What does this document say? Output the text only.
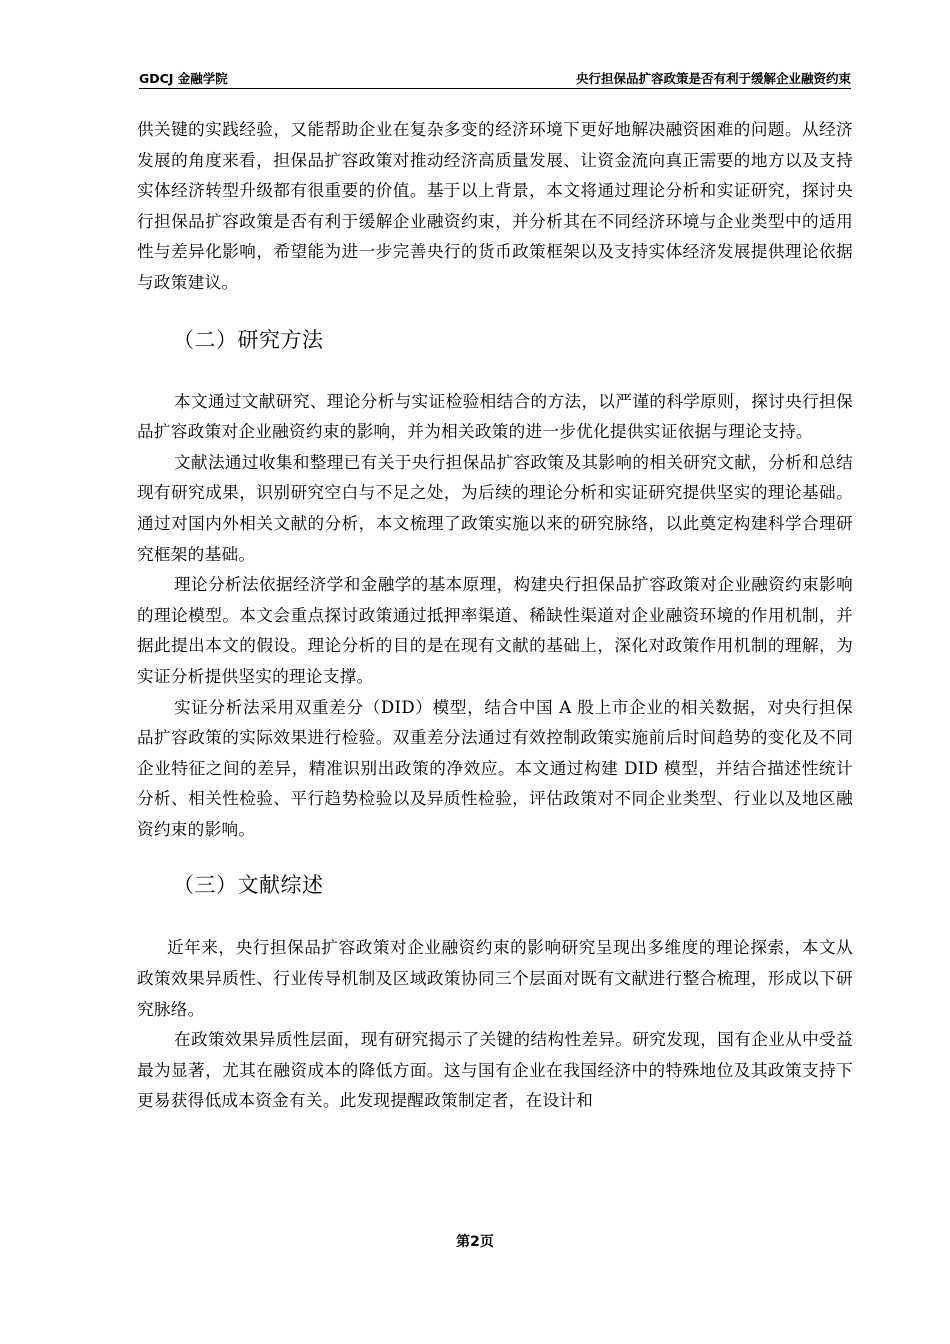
GDCJ 金融学院	央行担保品扩容政策是否有利于缓解企业融资约束

供关键的实践经验，又能帮助企业在复杂多变的经济环境下更好地解决融资困难的问题。从经济发展的角度来看，担保品扩容政策对推动经济高质量发展、让资金流向真正需要的地方以及支持实体经济转型升级都有很重要的价值。基于以上背景，本文将通过理论分析和实证研究，探讨央行担保品扩容政策是否有利于缓解企业融资约束，并分析其在不同经济环境与企业类型中的适用性与差异化影响，希望能为进一步完善央行的货币政策框架以及支持实体经济发展提供理论依据与政策建议。

（二）研究方法

本文通过文献研究、理论分析与实证检验相结合的方法，以严谨的科学原则，探讨央行担保品扩容政策对企业融资约束的影响，并为相关政策的进一步优化提供实证依据与理论支持。

文献法通过收集和整理已有关于央行担保品扩容政策及其影响的相关研究文献，分析和总结现有研究成果，识别研究空白与不足之处，为后续的理论分析和实证研究提供坚实的理论基础。通过对国内外相关文献的分析，本文梳理了政策实施以来的研究脉络，以此奠定构建科学合理研究框架的基础。

理论分析法依据经济学和金融学的基本原理，构建央行担保品扩容政策对企业融资约束影响的理论模型。本文会重点探讨政策通过抵押率渠道、稀缺性渠道对企业融资环境的作用机制，并据此提出本文的假设。理论分析的目的是在现有文献的基础上，深化对政策作用机制的理解，为实证分析提供坚实的理论支撑。

实证分析法采用双重差分（DID）模型，结合中国 A 股上市企业的相关数据，对央行担保品扩容政策的实际效果进行检验。双重差分法通过有效控制政策实施前后时间趋势的变化及不同企业特征之间的差异，精准识别出政策的净效应。本文通过构建 DID 模型，并结合描述性统计分析、相关性检验、平行趋势检验以及异质性检验，评估政策对不同企业类型、行业以及地区融资约束的影响。

（三）文献综述

近年来，央行担保品扩容政策对企业融资约束的影响研究呈现出多维度的理论探索，本文从政策效果异质性、行业传导机制及区域政策协同三个层面对既有文献进行整合梳理，形成以下研究脉络。

在政策效果异质性层面，现有研究揭示了关键的结构性差异。研究发现，国有企业从中受益最为显著，尤其在融资成本的降低方面。这与国有企业在我国经济中的特殊地位及其政策支持下更易获得低成本资金有关。此发现提醒政策制定者，在设计和

第2页
